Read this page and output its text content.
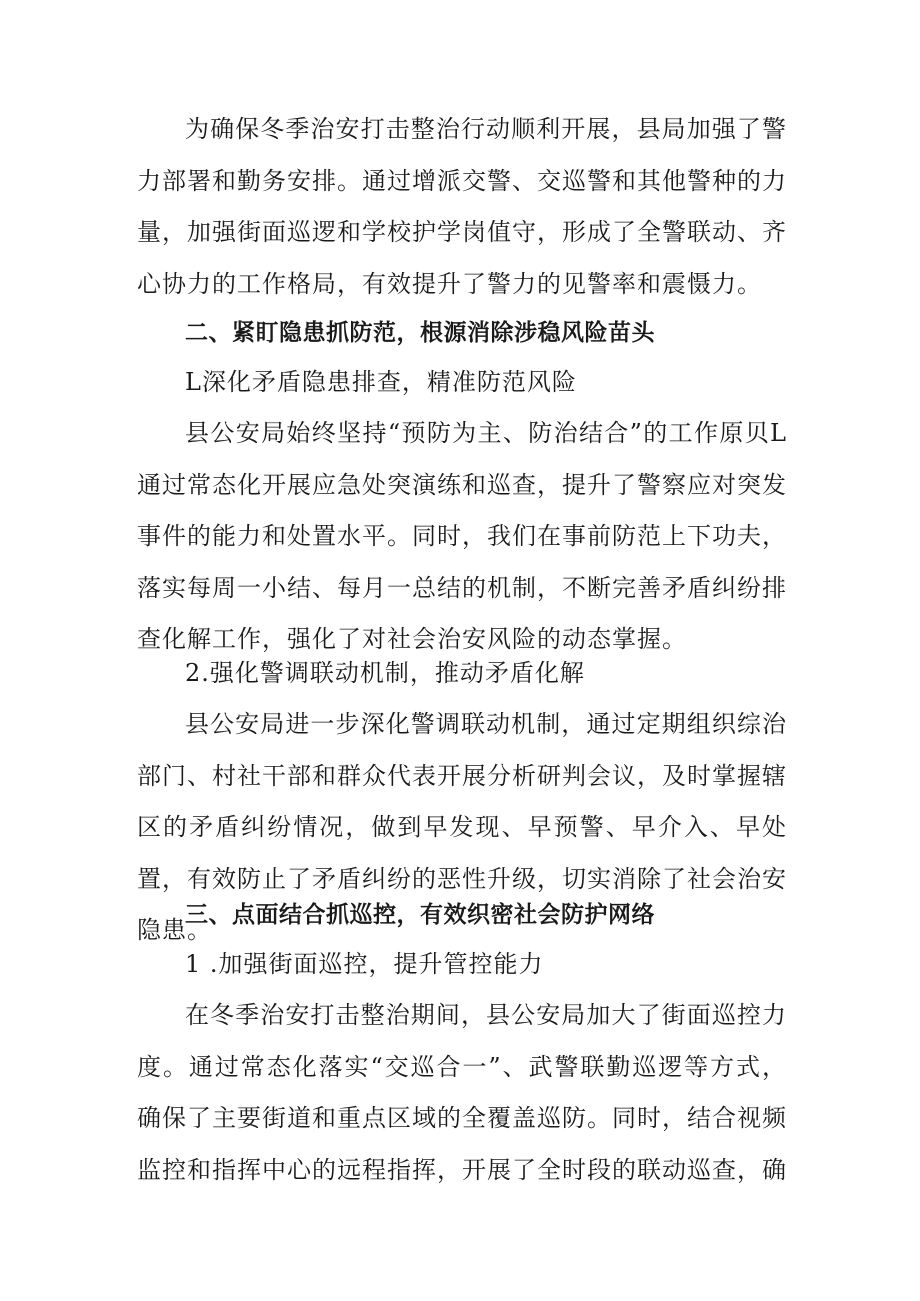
为确保冬季治安打击整治行动顺利开展，县局加强了警力部署和勤务安排。通过增派交警、交巡警和其他警种的力量，加强街面巡逻和学校护学岗值守，形成了全警联动、齐心协力的工作格局，有效提升了警力的见警率和震慑力。

二、紧盯隐患抓防范，根源消除涉稳风险苗头

L深化矛盾隐患排查，精准防范风险

县公安局始终坚持“预防为主、防治结合”的工作原贝L通过常态化开展应急处突演练和巡查，提升了警察应对突发事件的能力和处置水平。同时，我们在事前防范上下功夫，落实每周一小结、每月一总结的机制，不断完善矛盾纠纷排查化解工作，强化了对社会治安风险的动态掌握。

2.强化警调联动机制，推动矛盾化解

县公安局进一步深化警调联动机制，通过定期组织综治部门、村社干部和群众代表开展分析研判会议，及时掌握辖区的矛盾纠纷情况，做到早发现、早预警、早介入、早处置，有效防止了矛盾纠纷的恶性升级，切实消除了社会治安隐患。

三、点面结合抓巡控，有效织密社会防护网络

1 .加强街面巡控，提升管控能力

在冬季治安打击整治期间，县公安局加大了街面巡控力度。通过常态化落实“交巡合一”、武警联勤巡逻等方式，确保了主要街道和重点区域的全覆盖巡防。同时，结合视频监控和指挥中心的远程指挥，开展了全时段的联动巡查，确
